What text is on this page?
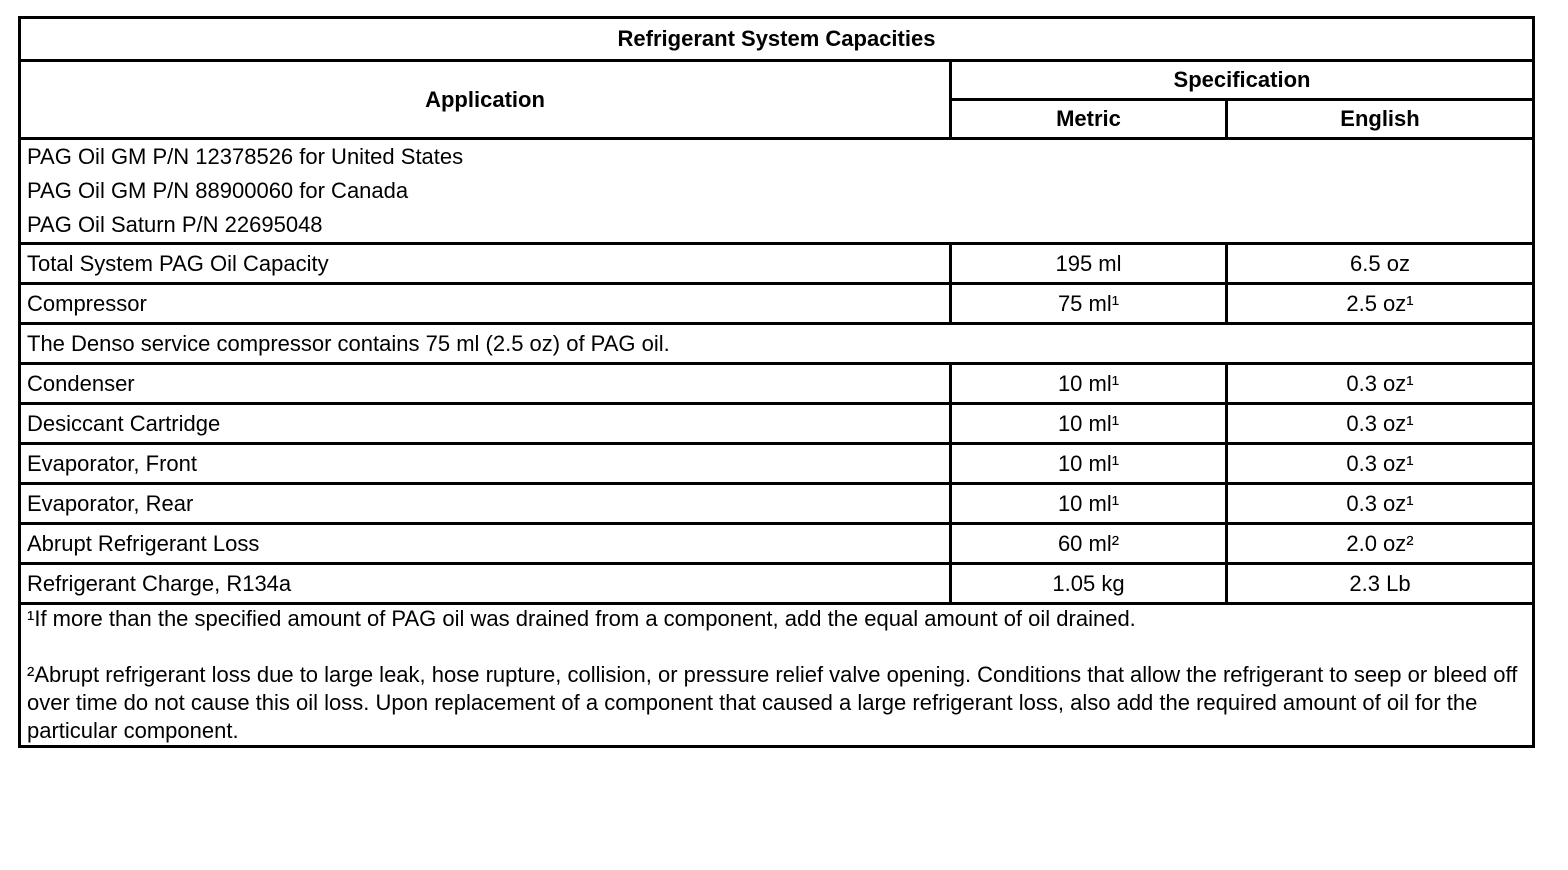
Refrigerant System Capacities		
Application	Specification	
	Metric	English

PAG Oil GM P/N 12378526 for United States

PAG Oil GM P/N 88900060 for Canada

PAG Oil Saturn P/N 22695048		

Total System PAG Oil Capacity	195 ml	6.5 oz
Compressor	75 ml¹	2.5 oz¹
The Denso service compressor contains 75 ml (2.5 oz) of PAG oil.		
Condenser	10 ml¹	0.3 oz¹
Desiccant Cartridge	10 ml¹	0.3 oz¹
Evaporator, Front	10 ml¹	0.3 oz¹
Evaporator, Rear	10 ml¹	0.3 oz¹
Abrupt Refrigerant Loss	60 ml²	2.0 oz²
Refrigerant Charge, R134a	1.05 kg	2.3 Lb

¹If more than the specified amount of PAG oil was drained from a component, add the equal amount of oil drained.

²Abrupt refrigerant loss due to large leak, hose rupture, collision, or pressure relief valve opening. Conditions that allow the refrigerant to seep or bleed off over time do not cause this oil loss. Upon replacement of a component that caused a large refrigerant loss, also add the required amount of oil for the particular component.		
